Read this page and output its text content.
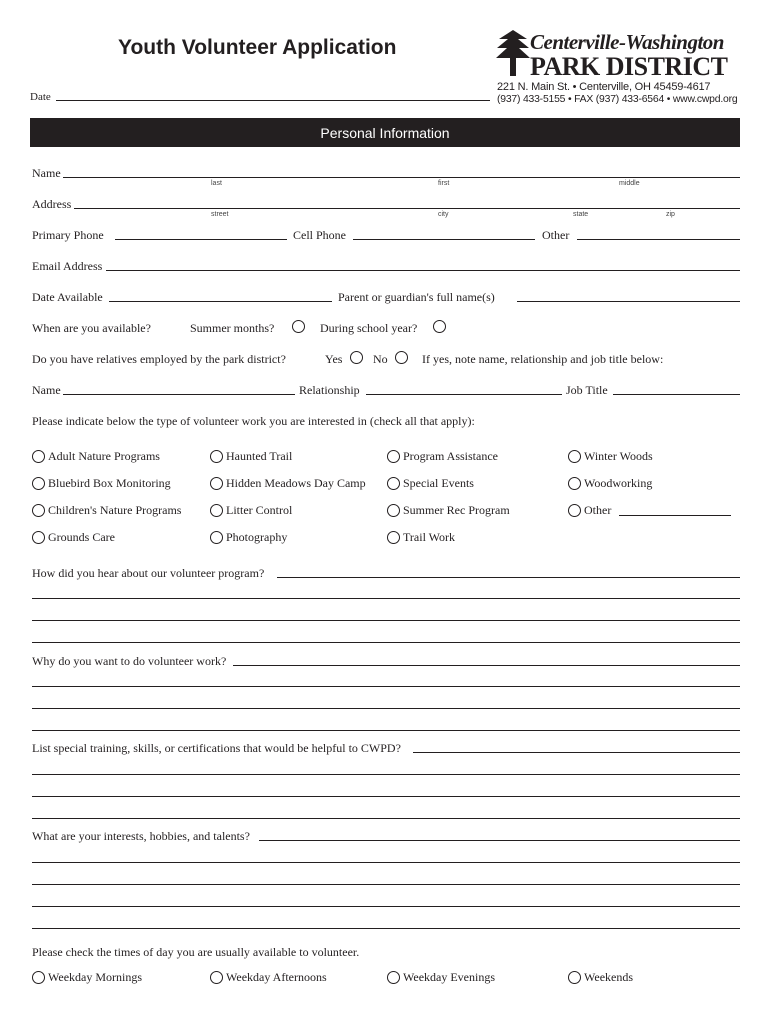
Youth Volunteer Application
Date
Centerville-Washington
PARK DISTRICT
221 N. Main St. • Centerville, OH 45459-4617
(937) 433-5155 • FAX (937) 433-6564 • www.cwpd.org
Personal Information
Name
last	first	middle
Address
street	city	state	zip
Primary Phone	Cell Phone	Other
Email Address
Date Available	Parent or guardian's full name(s)
When are you available?	Summer months?	During school year?
Do you have relatives employed by the park district?	Yes	No	If yes, note name, relationship and job title below:
Name	Relationship	Job Title
Please indicate below the type of volunteer work you are interested in (check all that apply):
Adult Nature Programs	Haunted Trail	Program Assistance	Winter Woods
Bluebird Box Monitoring	Hidden Meadows Day Camp	Special Events	Woodworking
Children's Nature Programs	Litter Control	Summer Rec Program	Other
Grounds Care	Photography	Trail Work
How did you hear about our volunteer program?
Why do you want to do volunteer work?
List special training, skills, or certifications that would be helpful to CWPD?
What are your interests, hobbies, and talents?
Please check the times of day you are usually available to volunteer.
Weekday Mornings	Weekday Afternoons	Weekday Evenings	Weekends
